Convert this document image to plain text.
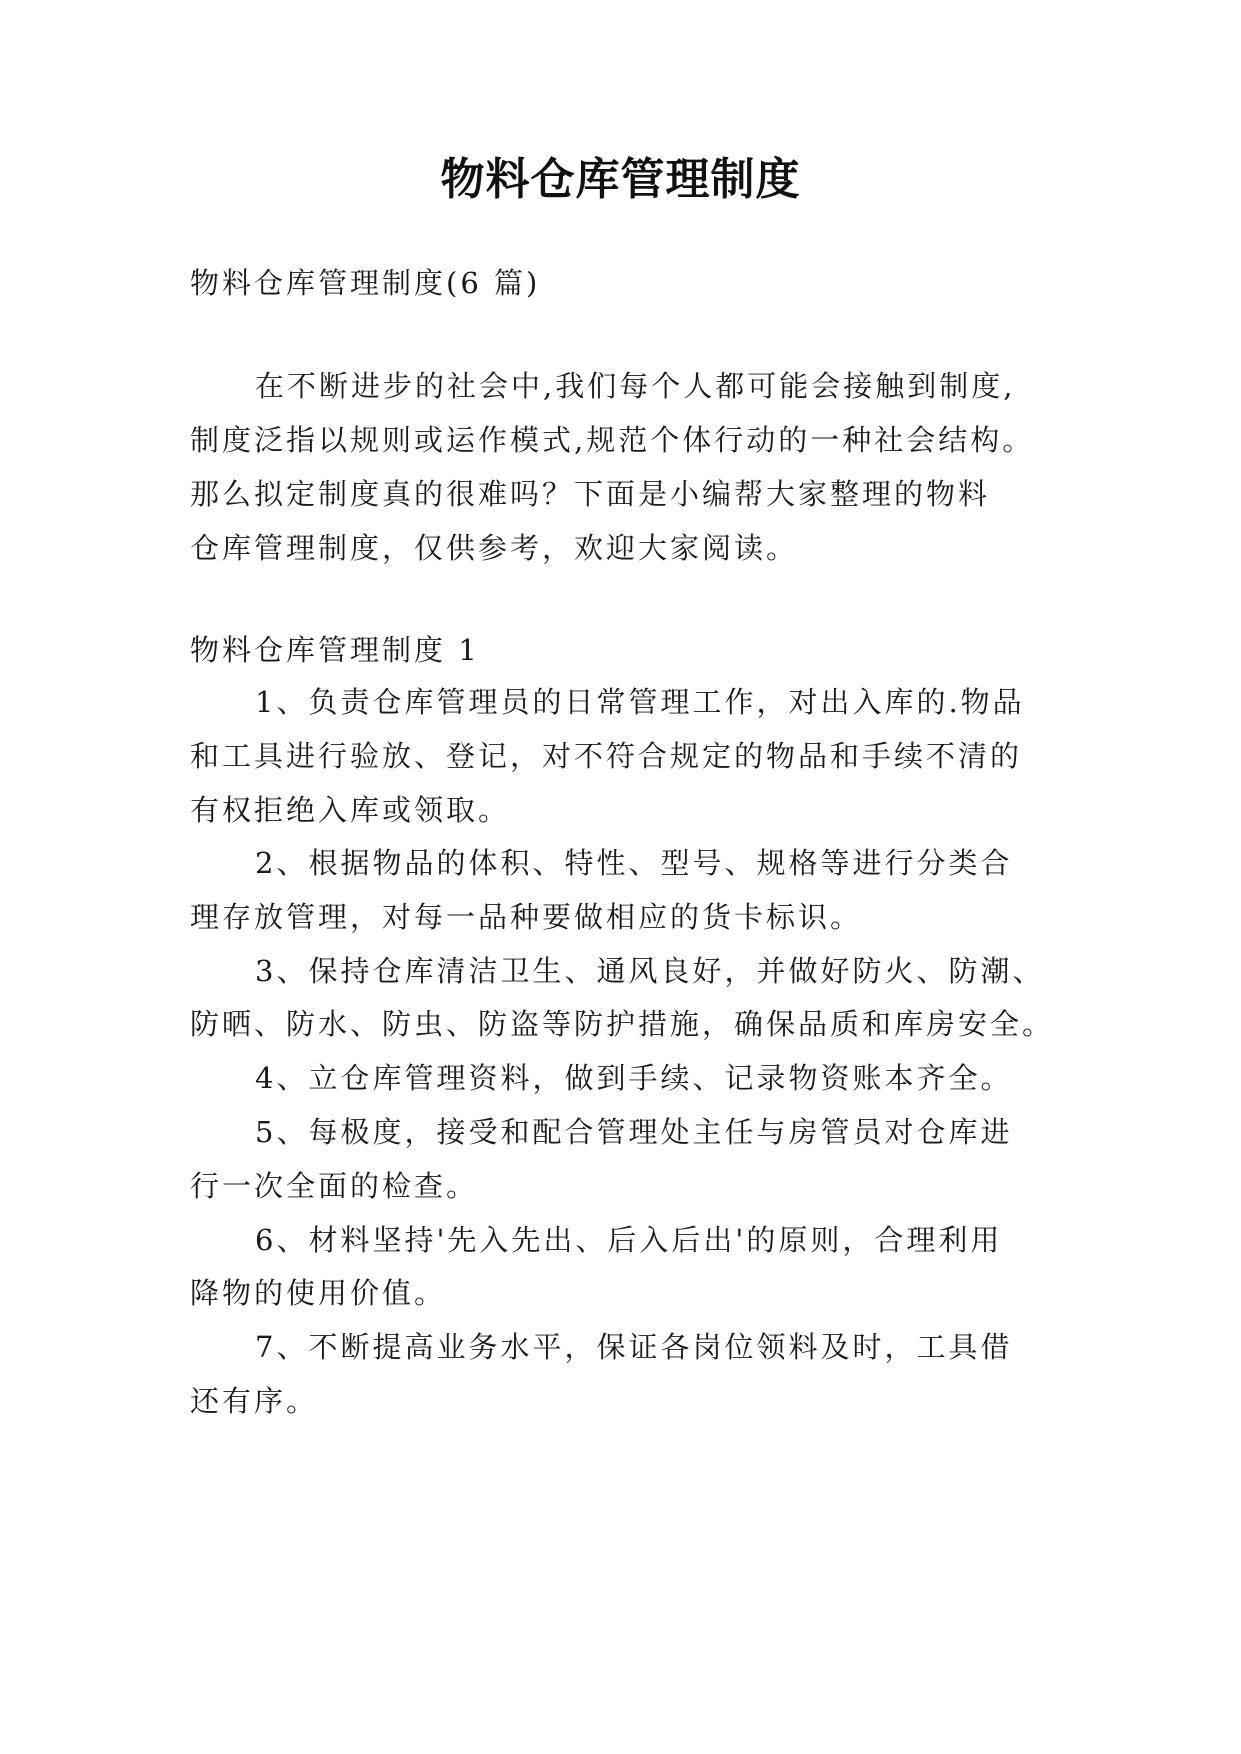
物料仓库管理制度
物料仓库管理制度(6 篇)
在不断进步的社会中,我们每个人都可能会接触到制度,
制度泛指以规则或运作模式,规范个体行动的一种社会结构。
那么拟定制度真的很难吗？下面是小编帮大家整理的物料
仓库管理制度，仅供参考，欢迎大家阅读。
物料仓库管理制度 1
1、负责仓库管理员的日常管理工作，对出入库的.物品
和工具进行验放、登记，对不符合规定的物品和手续不清的
有权拒绝入库或领取。
2、根据物品的体积、特性、型号、规格等进行分类合
理存放管理，对每一品种要做相应的货卡标识。
3、保持仓库清洁卫生、通风良好，并做好防火、防潮、
防晒、防水、防虫、防盗等防护措施，确保品质和库房安全。
4、立仓库管理资料，做到手续、记录物资账本齐全。
5、每极度，接受和配合管理处主任与房管员对仓库进
行一次全面的检查。
6、材料坚持'先入先出、后入后出'的原则，合理利用
降物的使用价值。
7、不断提高业务水平，保证各岗位领料及时，工具借
还有序。
